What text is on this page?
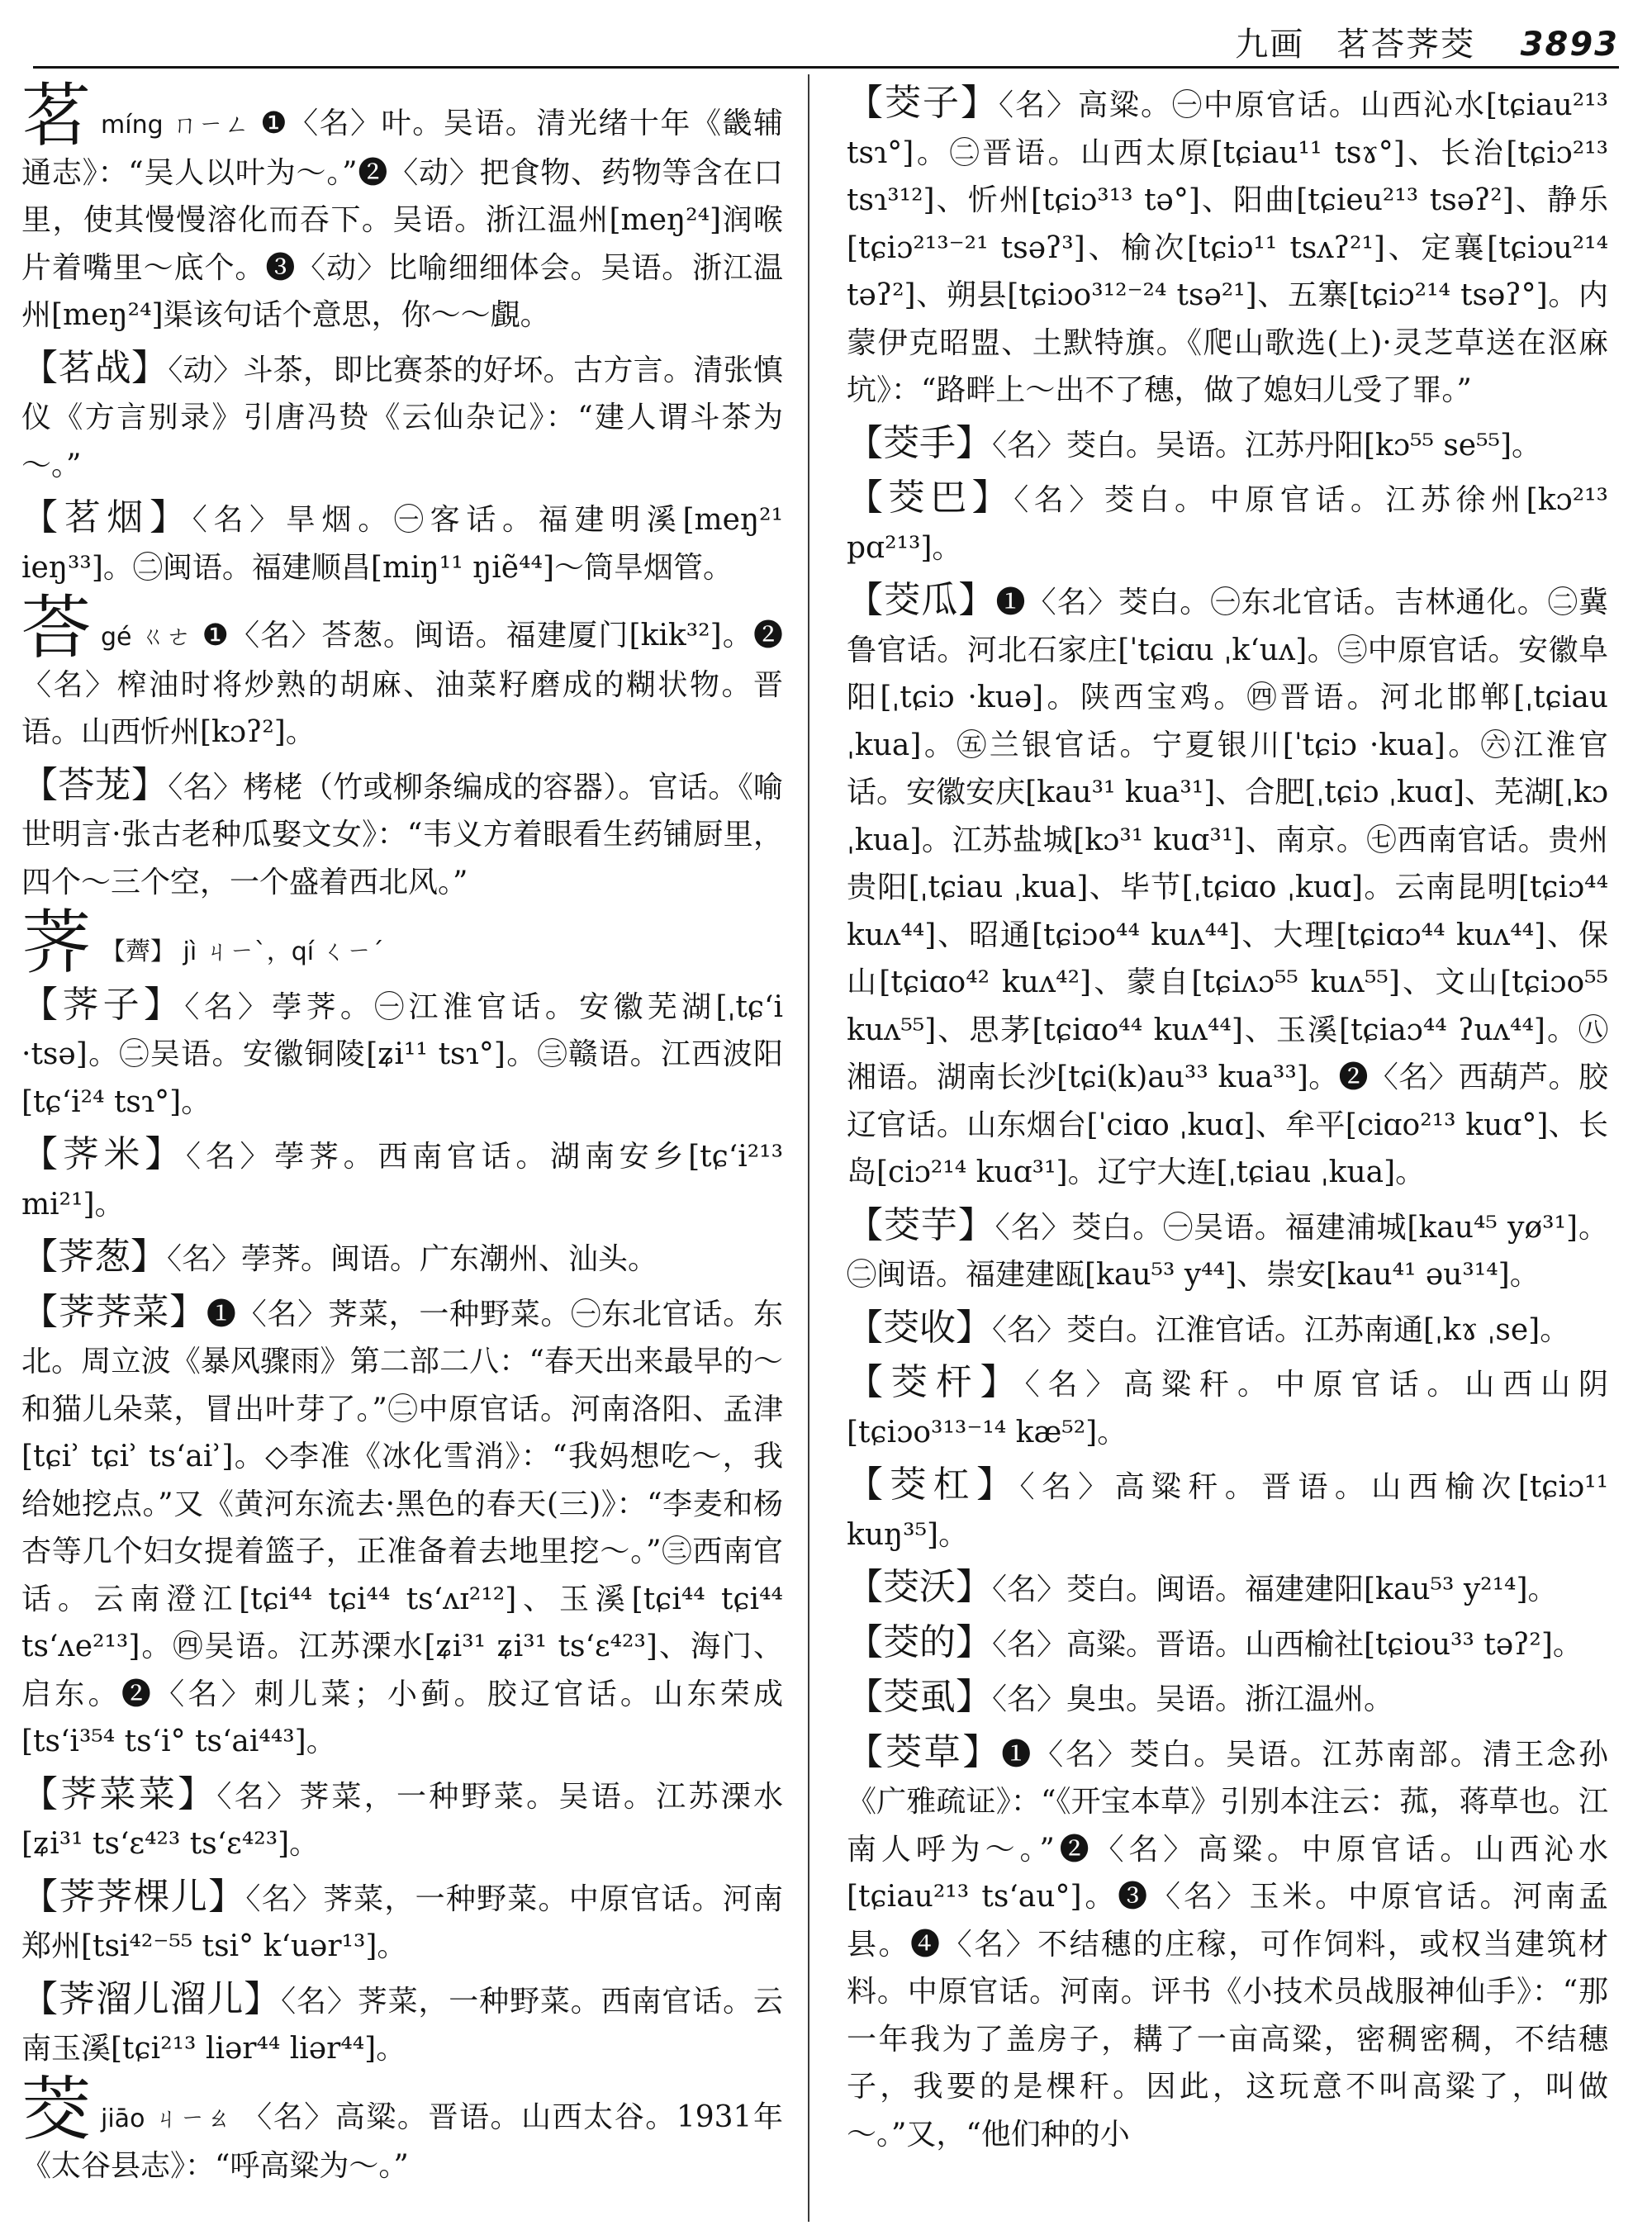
九画 茗荅荠茭 3893
茗míng ㄇㄧㄥ ❶〈名〉叶。吴语。清光绪十年《畿辅通志》：“吴人以叶为～。”❷〈动〉把食物、药物等含在口里，使其慢慢溶化而吞下。吴语。浙江温州[meŋ²⁴]润喉片着嘴里～底个。❸〈动〉比喻细细体会。吴语。浙江温州[meŋ²⁴]渠该句话个意思，你～～覰。
【茗战】〈动〉斗茶，即比赛茶的好坏。古方言。清张慎仪《方言别录》引唐冯贽《云仙杂记》：“建人谓斗茶为～。”
【茗烟】〈名〉旱烟。㊀客话。福建明溪[meŋ²¹ ieŋ³³]。㊁闽语。福建顺昌[miŋ¹¹ ŋiẽ⁴⁴]～筒旱烟管。
荅gé ㄍㄜ ❶〈名〉荅葱。闽语。福建厦门[kik³²]。❷〈名〉榨油时将炒熟的胡麻、油菜籽磨成的糊状物。晋语。山西忻州[kɔʔ²]。
【荅茏】〈名〉栲栳（竹或柳条编成的容器）。官话。《喻世明言·张古老种瓜娶文女》：“韦义方着眼看生药铺厨里，四个～三个空，一个盛着西北风。”
荠 【薺】 jì ㄐㄧˋ，qí ㄑㄧˊ
【荠子】〈名〉荸荠。㊀江淮官话。安徽芜湖[ˌtɕʻi ·tsə]。㊁吴语。安徽铜陵[ʑi¹¹ tsɿ°]。㊂赣语。江西波阳[tɕʻi²⁴ tsɿ°]。
【荠米】〈名〉荸荠。西南官话。湖南安乡[tɕʻi²¹³ mi²¹]。
【荠葱】〈名〉荸荠。闽语。广东潮州、汕头。
【荠荠菜】❶〈名〉荠菜，一种野菜。㊀东北官话。东北。周立波《暴风骤雨》第二部二八：“春天出来最早的～和猫儿朵菜，冒出叶芽了。”㊁中原官话。河南洛阳、孟津[tɕiʾ tɕiʾ tsʻaiʾ]。◇李准《冰化雪消》：“我妈想吃～，我给她挖点。”又《黄河东流去·黑色的春天(三)》：“李麦和杨杏等几个妇女提着篮子，正准备着去地里挖～。”㊂西南官话。云南澄江[tɕi⁴⁴ tɕi⁴⁴ tsʻʌɪ²¹²]、玉溪[tɕi⁴⁴ tɕi⁴⁴ tsʻʌe²¹³]。㊃吴语。江苏溧水[ʑi³¹ ʑi³¹ tsʻɛ⁴²³]、海门、启东。❷〈名〉刺儿菜；小蓟。胶辽官话。山东荣成[tsʻi³⁵⁴ tsʻi° tsʻai⁴⁴³]。
【荠菜菜】〈名〉荠菜，一种野菜。吴语。江苏溧水[ʑi³¹ tsʻɛ⁴²³ tsʻɛ⁴²³]。
【荠荠棵儿】〈名〉荠菜，一种野菜。中原官话。河南郑州[tsi⁴²⁻⁵⁵ tsi° kʻuər¹³]。
【荠溜儿溜儿】〈名〉荠菜，一种野菜。西南官话。云南玉溪[tɕi²¹³ liər⁴⁴ liər⁴⁴]。
茭jiāo ㄐㄧㄠ 〈名〉高粱。晋语。山西太谷。1931年《太谷县志》：“呼高粱为～。”
【茭子】〈名〉高粱。㊀中原官话。山西沁水[tɕiau²¹³ tsɿ°]。㊁晋语。山西太原[tɕiau¹¹ tsɤ°]、长治[tɕiɔ²¹³ tsɿ³¹²]、忻州[tɕiɔ³¹³ tə°]、阳曲[tɕieu²¹³ tsəʔ²]、静乐[tɕiɔ²¹³⁻²¹ tsəʔ³]、榆次[tɕiɔ¹¹ tsʌʔ²¹]、定襄[tɕiɔu²¹⁴ təʔ²]、朔县[tɕiɔo³¹²⁻²⁴ tsə²¹]、五寨[tɕiɔ²¹⁴ tsəʔ°]。内蒙伊克昭盟、土默特旗。《爬山歌选(上)·灵芝草送在沤麻坑》：“路畔上～出不了穗，做了媳妇儿受了罪。”
【茭手】〈名〉茭白。吴语。江苏丹阳[kɔ⁵⁵ se⁵⁵]。
【茭巴】〈名〉茭白。中原官话。江苏徐州[kɔ²¹³ pɑ²¹³]。
【茭瓜】❶〈名〉茭白。㊀东北官话。吉林通化。㊁冀鲁官话。河北石家庄[ˈtɕiɑu ˌkʻuʌ]。㊂中原官话。安徽阜阳[ˌtɕiɔ ·kuə]。陕西宝鸡。㊃晋语。河北邯郸[ˌtɕiau ˌkua]。㊄兰银官话。宁夏银川[ˈtɕiɔ ·kua]。㊅江淮官话。安徽安庆[kau³¹ kua³¹]、合肥[ˌtɕiɔ ˌkuɑ]、芜湖[ˌkɔ ˌkua]。江苏盐城[kɔ³¹ kuɑ³¹]、南京。㊆西南官话。贵州贵阳[ˌtɕiau ˌkua]、毕节[ˌtɕiɑo ˌkuɑ]。云南昆明[tɕiɔ⁴⁴ kuʌ⁴⁴]、昭通[tɕiɔo⁴⁴ kuʌ⁴⁴]、大理[tɕiɑɔ⁴⁴ kuʌ⁴⁴]、保山[tɕiɑo⁴² kuʌ⁴²]、蒙自[tɕiʌɔ⁵⁵ kuʌ⁵⁵]、文山[tɕiɔo⁵⁵ kuʌ⁵⁵]、思茅[tɕiɑo⁴⁴ kuʌ⁴⁴]、玉溪[tɕiaɔ⁴⁴ ʔuʌ⁴⁴]。㊇湘语。湖南长沙[tɕi(k)au³³ kua³³]。❷〈名〉西葫芦。胶辽官话。山东烟台[ˈciɑo ˌkuɑ]、牟平[ciɑo²¹³ kuɑ°]、长岛[ciɔ²¹⁴ kuɑ³¹]。辽宁大连[ˌtɕiau ˌkua]。
【茭芋】〈名〉茭白。㊀吴语。福建浦城[kau⁴⁵ yø³¹]。㊁闽语。福建建瓯[kau⁵³ y⁴⁴]、崇安[kau⁴¹ əu³¹⁴]。
【茭收】〈名〉茭白。江淮官话。江苏南通[ˌkɤ ˌse]。
【茭杆】〈名〉高粱秆。中原官话。山西山阴[tɕiɔo³¹³⁻¹⁴ kæ⁵²]。
【茭杠】〈名〉高粱秆。晋语。山西榆次[tɕiɔ¹¹ kuŋ³⁵]。
【茭沃】〈名〉茭白。闽语。福建建阳[kau⁵³ y²¹⁴]。
【茭的】〈名〉高粱。晋语。山西榆社[tɕiou³³ təʔ²]。
【茭虱】〈名〉臭虫。吴语。浙江温州。
【茭草】❶〈名〉茭白。吴语。江苏南部。清王念孙《广雅疏证》：“《开宝本草》引别本注云：菰，蒋草也。江南人呼为～。”❷〈名〉高粱。中原官话。山西沁水[tɕiau²¹³ tsʻau°]。❸〈名〉玉米。中原官话。河南孟县。❹〈名〉不结穗的庄稼，可作饲料，或权当建筑材料。中原官话。河南。评书《小技术员战服神仙手》：“那一年我为了盖房子，耩了一亩高粱，密稠密稠，不结穗子，我要的是棵秆。因此，这玩意不叫高粱了，叫做～。”又，“他们种的小
